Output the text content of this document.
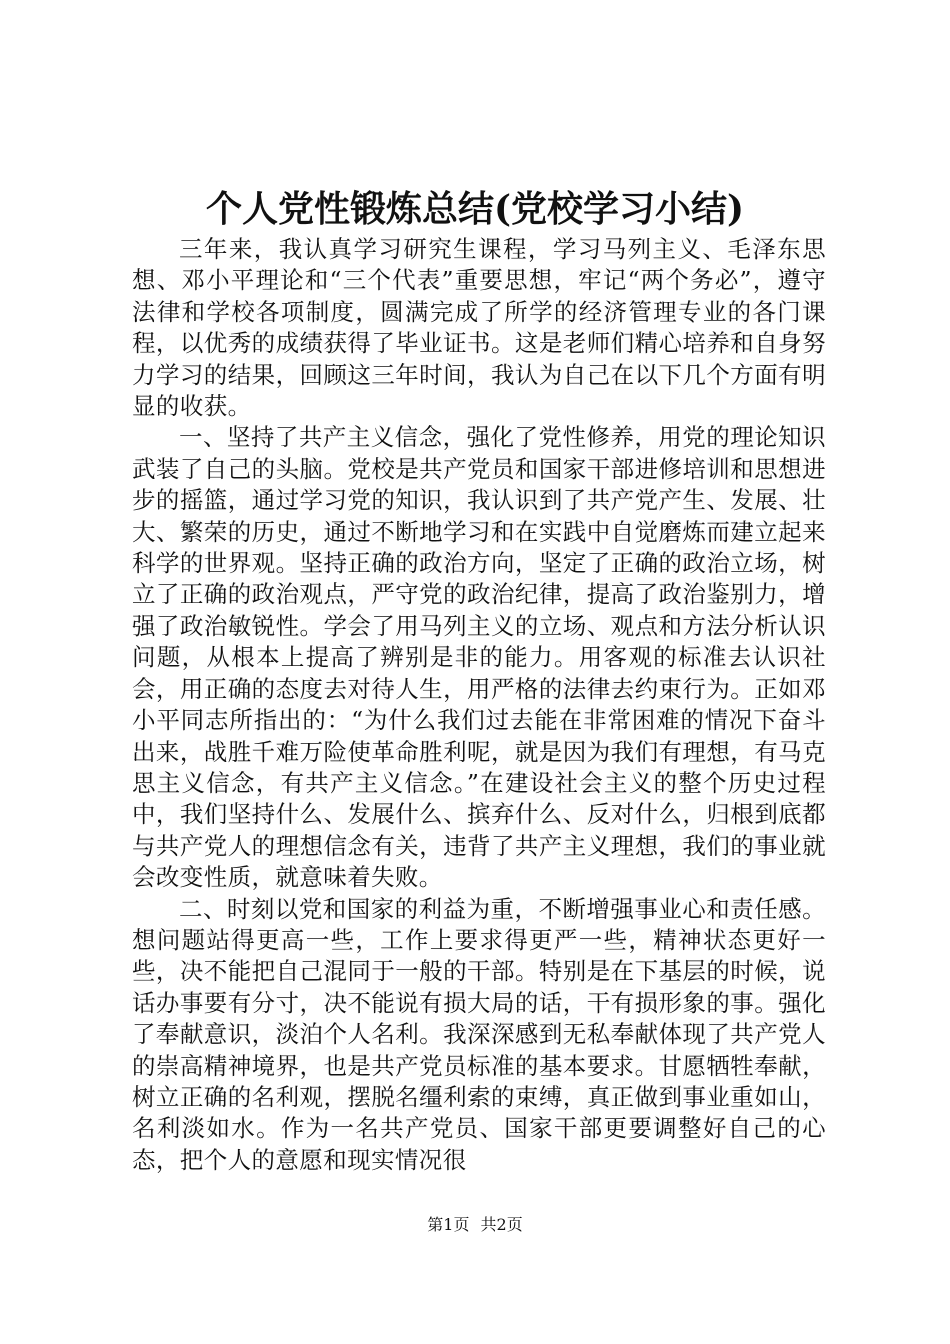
个人党性锻炼总结(党校学习小结)

三年来，我认真学习研究生课程，学习马列主义、毛泽东思想、邓小平理论和“三个代表”重要思想，牢记“两个务必”，遵守法律和学校各项制度，圆满完成了所学的经济管理专业的各门课程，以优秀的成绩获得了毕业证书。这是老师们精心培养和自身努力学习的结果，回顾这三年时间，我认为自己在以下几个方面有明显的收获。

一、坚持了共产主义信念，强化了党性修养，用党的理论知识武装了自己的头脑。党校是共产党员和国家干部进修培训和思想进步的摇篮，通过学习党的知识，我认识到了共产党产生、发展、壮大、繁荣的历史，通过不断地学习和在实践中自觉磨炼而建立起来科学的世界观。坚持正确的政治方向，坚定了正确的政治立场，树立了正确的政治观点，严守党的政治纪律，提高了政治鉴别力，增强了政治敏锐性。学会了用马列主义的立场、观点和方法分析认识问题，从根本上提高了辨别是非的能力。用客观的标准去认识社会，用正确的态度去对待人生，用严格的法律去约束行为。正如邓小平同志所指出的：“为什么我们过去能在非常困难的情况下奋斗出来，战胜千难万险使革命胜利呢，就是因为我们有理想，有马克思主义信念，有共产主义信念。”在建设社会主义的整个历史过程中，我们坚持什么、发展什么、摈弃什么、反对什么，归根到底都与共产党人的理想信念有关，违背了共产主义理想，我们的事业就会改变性质，就意味着失败。

二、时刻以党和国家的利益为重，不断增强事业心和责任感。想问题站得更高一些，工作上要求得更严一些，精神状态更好一些，决不能把自己混同于一般的干部。特别是在下基层的时候，说话办事要有分寸，决不能说有损大局的话，干有损形象的事。强化了奉献意识，淡泊个人名利。我深深感到无私奉献体现了共产党人的崇高精神境界，也是共产党员标准的基本要求。甘愿牺牲奉献，树立正确的名利观，摆脱名缰利索的束缚，真正做到事业重如山，名利淡如水。作为一名共产党员、国家干部更要调整好自己的心态，把个人的意愿和现实情况很

第1页 共2页
